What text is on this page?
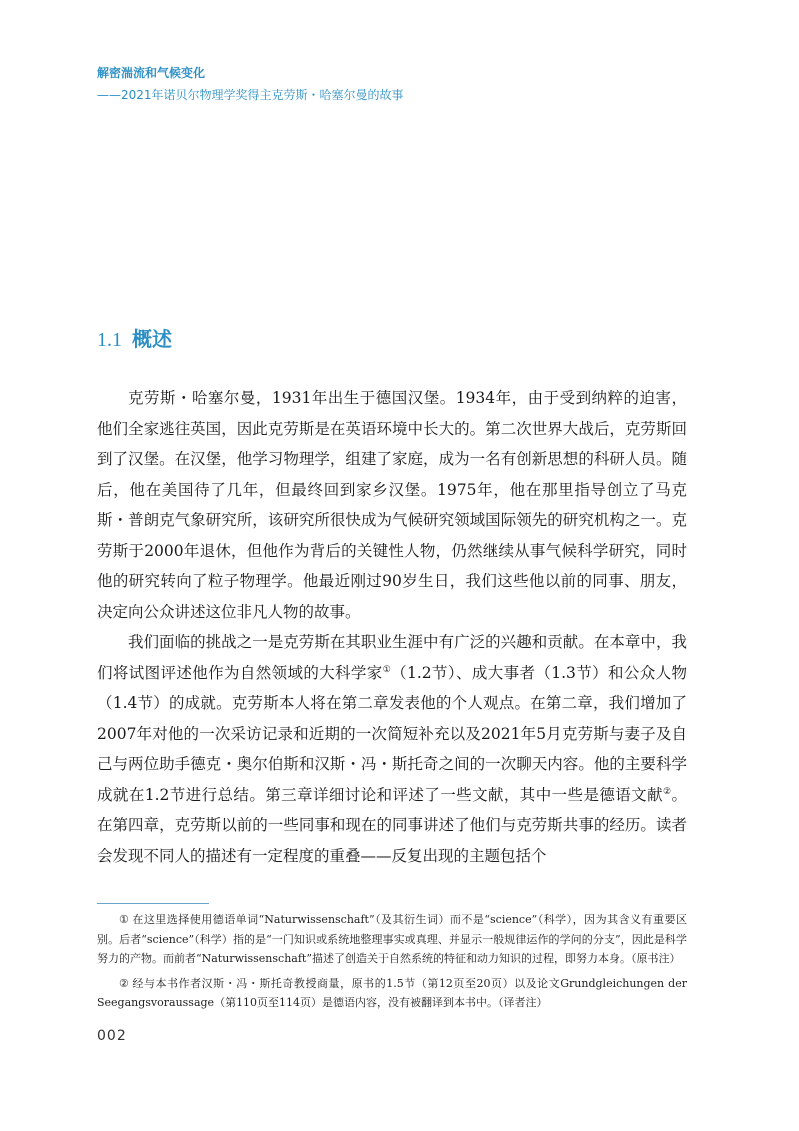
解密湍流和气候变化
——2021年诺贝尔物理学奖得主克劳斯・哈塞尔曼的故事
1.1 概述

克劳斯・哈塞尔曼，1931年出生于德国汉堡。1934年，由于受到纳粹的迫害，他们全家逃往英国，因此克劳斯是在英语环境中长大的。第二次世界大战后，克劳斯回到了汉堡。在汉堡，他学习物理学，组建了家庭，成为一名有创新思想的科研人员。随后，他在美国待了几年，但最终回到家乡汉堡。1975年，他在那里指导创立了马克斯・普朗克气象研究所，该研究所很快成为气候研究领域国际领先的研究机构之一。克劳斯于2000年退休，但他作为背后的关键性人物，仍然继续从事气候科学研究，同时他的研究转向了粒子物理学。他最近刚过90岁生日，我们这些他以前的同事、朋友，决定向公众讲述这位非凡人物的故事。

我们面临的挑战之一是克劳斯在其职业生涯中有广泛的兴趣和贡献。在本章中，我们将试图评述他作为自然领域的大科学家①（1.2节）、成大事者（1.3节）和公众人物（1.4节）的成就。克劳斯本人将在第二章发表他的个人观点。在第二章，我们增加了2007年对他的一次采访记录和近期的一次简短补充以及2021年5月克劳斯与妻子及自己与两位助手德克・奥尔伯斯和汉斯・冯・斯托奇之间的一次聊天内容。他的主要科学成就在1.2节进行总结。第三章详细讨论和评述了一些文献，其中一些是德语文献②。在第四章，克劳斯以前的一些同事和现在的同事讲述了他们与克劳斯共事的经历。读者会发现不同人的描述有一定程度的重叠——反复出现的主题包括个

① 在这里选择使用德语单词“Naturwissenschaft”（及其衍生词）而不是“science”（科学），因为其含义有重要区别。后者“science”（科学）指的是“一门知识或系统地整理事实或真理、并显示一般规律运作的学问的分支”，因此是科学努力的产物。而前者“Naturwissenschaft”描述了创造关于自然系统的特征和动力知识的过程，即努力本身。（原书注）

② 经与本书作者汉斯・冯・斯托奇教授商量，原书的1.5节（第12页至20页）以及论文Grundgleichungen der Seegangsvoraussage（第110页至114页）是德语内容，没有被翻译到本书中。（译者注）

002
